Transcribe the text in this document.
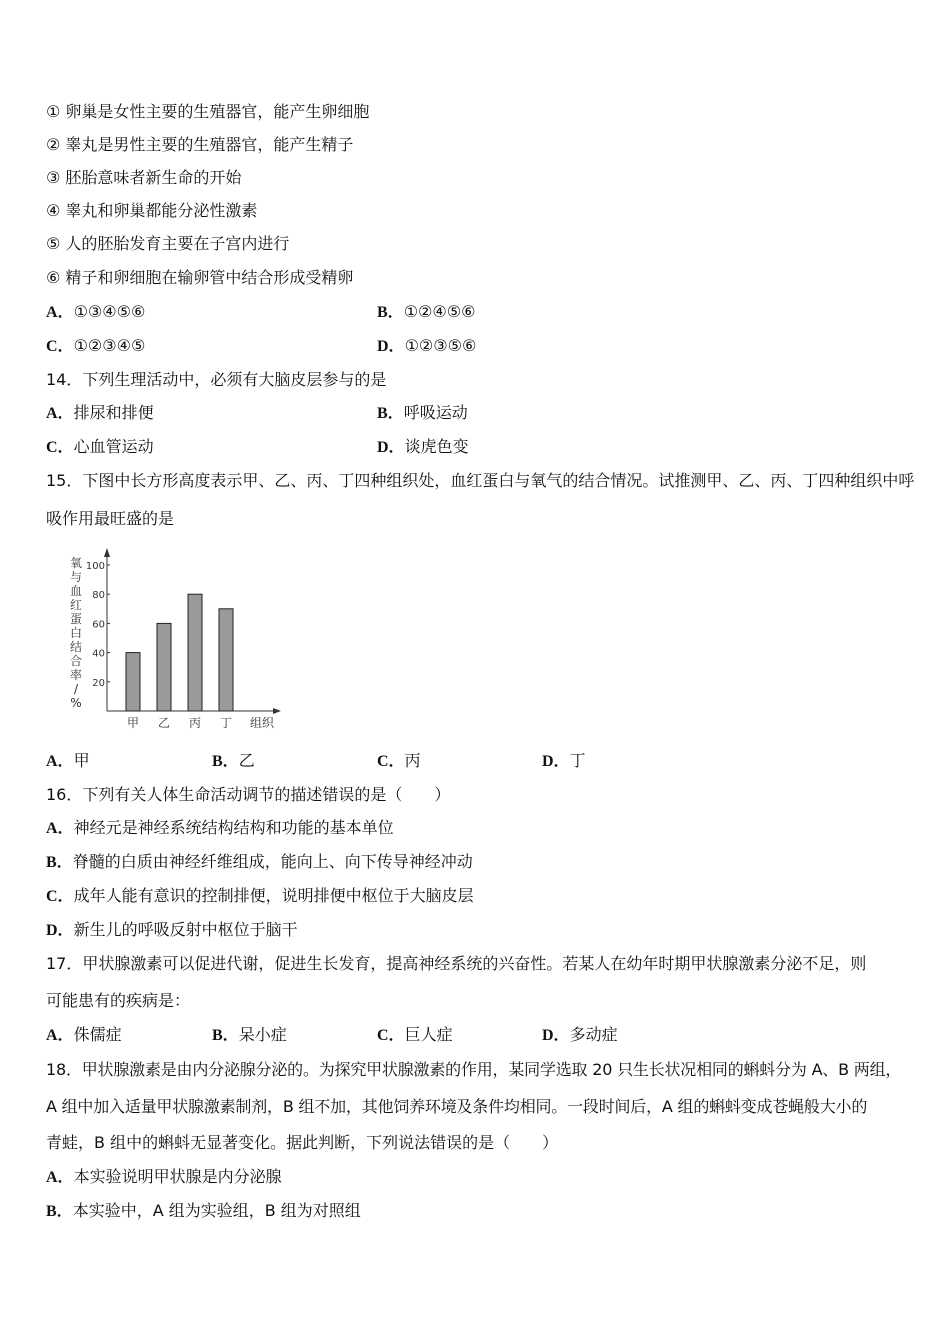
① 卵巢是女性主要的生殖器官，能产生卵细胞
② 睾丸是男性主要的生殖器官，能产生精子
③ 胚胎意味者新生命的开始
④ 睾丸和卵巢都能分泌性激素
⑤ 人的胚胎发育主要在子宫内进行
⑥ 精子和卵细胞在输卵管中结合形成受精卵
A．①③④⑤⑥	B．①②④⑤⑥
C．①②③④⑤	D．①②③⑤⑥
14．下列生理活动中，必须有大脑皮层参与的是
A．排尿和排便	B．呼吸运动
C．心血管运动	D．谈虎色变
15．下图中长方形高度表示甲、乙、丙、丁四种组织处，血红蛋白与氧气的结合情况。试推测甲、乙、丙、丁四种组织中呼
吸作用最旺盛的是
氧
与
血
红
蛋
白
结
合
率
/
%
20
40
60
80
100
甲 乙 丙 丁 组织
A．甲	B．乙	C．丙	D．丁
16．下列有关人体生命活动调节的描述错误的是（　　）
A．神经元是神经系统结构结构和功能的基本单位
B．脊髓的白质由神经纤维组成，能向上、向下传导神经冲动
C．成年人能有意识的控制排便，说明排便中枢位于大脑皮层
D．新生儿的呼吸反射中枢位于脑干
17．甲状腺激素可以促进代谢，促进生长发育，提高神经系统的兴奋性。若某人在幼年时期甲状腺激素分泌不足，则
可能患有的疾病是：
A．侏儒症	B．呆小症	C．巨人症	D．多动症
18．甲状腺激素是由内分泌腺分泌的。为探究甲状腺激素的作用，某同学选取 20 只生长状况相同的蝌蚪分为 A、B 两组，
A 组中加入适量甲状腺激素制剂，B 组不加，其他饲养环境及条件均相同。一段时间后，A 组的蝌蚪变成苍蝇般大小的
青蛙，B 组中的蝌蚪无显著变化。据此判断，下列说法错误的是（　　）
A．本实验说明甲状腺是内分泌腺
B．本实验中，A 组为实验组，B 组为对照组
